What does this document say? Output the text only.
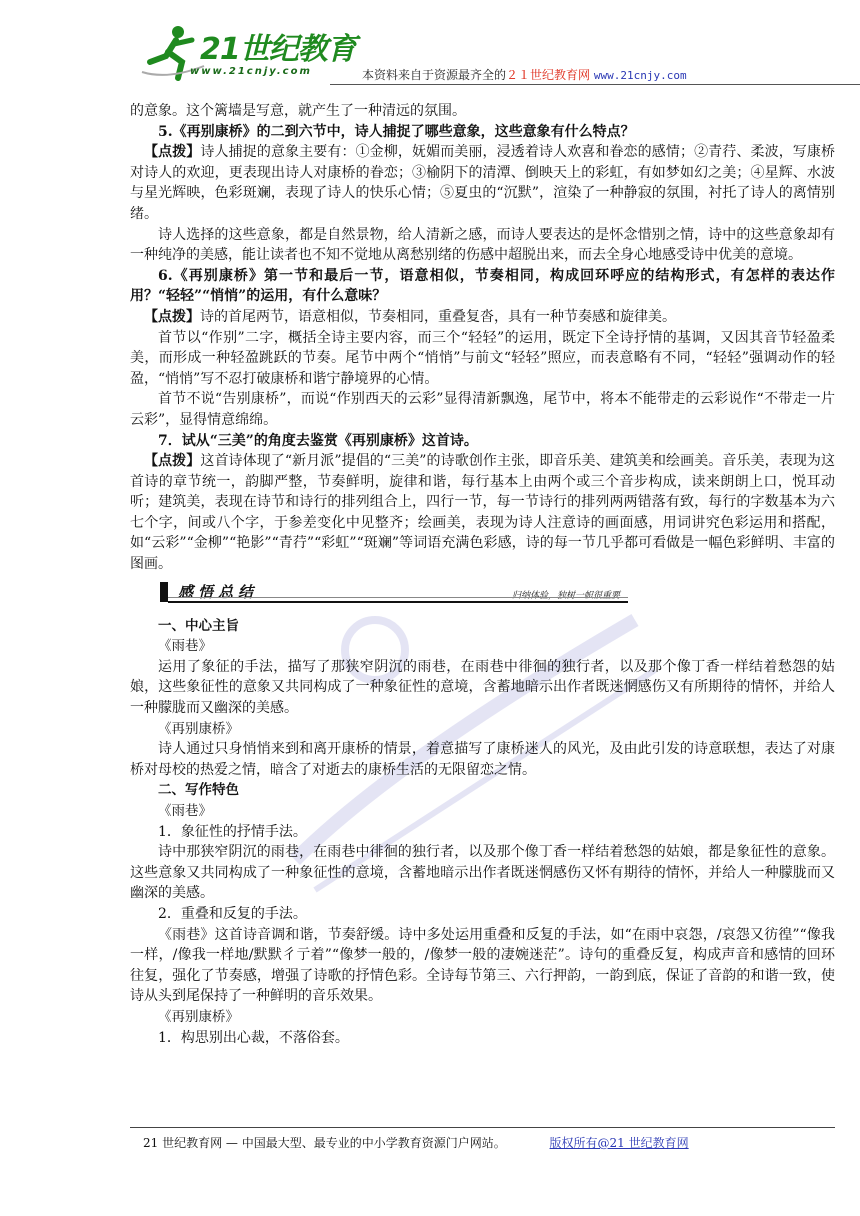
21世纪教育
www.21cnjy.com	本资料来自于资源最齐全的２１世纪教育网 www.21cnjy.com

的意象。这个篱墙是写意，就产生了一种清远的氛围。

5.《再别康桥》的二到六节中，诗人捕捉了哪些意象，这些意象有什么特点？

【点拨】诗人捕捉的意象主要有：①金柳，妩媚而美丽，浸透着诗人欢喜和眷恋的感情；②青荇、柔波，写康桥对诗人的欢迎，更表现出诗人对康桥的眷恋；③榆阴下的清潭、倒映天上的彩虹，有如梦如幻之美；④星辉、水波与星光辉映，色彩斑斓，表现了诗人的快乐心情；⑤夏虫的“沉默”，渲染了一种静寂的氛围，衬托了诗人的离情别绪。

诗人选择的这些意象，都是自然景物，给人清新之感，而诗人要表达的是怀念惜别之情，诗中的这些意象却有一种纯净的美感，能让读者也不知不觉地从离愁别绪的伤感中超脱出来，而去全身心地感受诗中优美的意境。

6.《再别康桥》第一节和最后一节，语意相似，节奏相同，构成回环呼应的结构形式，有怎样的表达作用？“轻轻”“悄悄”的运用，有什么意味？

【点拨】诗的首尾两节，语意相似，节奏相同，重叠复沓，具有一种节奏感和旋律美。

首节以“作别”二字，概括全诗主要内容，而三个“轻轻”的运用，既定下全诗抒情的基调，又因其音节轻盈柔美，而形成一种轻盈跳跃的节奏。尾节中两个“悄悄”与前文“轻轻”照应，而表意略有不同，“轻轻”强调动作的轻盈，“悄悄”写不忍打破康桥和谐宁静境界的心情。

首节不说“告别康桥”，而说“作别西天的云彩”显得清新飘逸，尾节中，将本不能带走的云彩说作“不带走一片云彩”，显得情意绵绵。

7．试从“三美”的角度去鉴赏《再别康桥》这首诗。

【点拨】这首诗体现了“新月派”提倡的“三美”的诗歌创作主张，即音乐美、建筑美和绘画美。音乐美，表现为这首诗的章节统一，韵脚严整，节奏鲜明，旋律和谐，每行基本上由两个或三个音步构成，读来朗朗上口，悦耳动听；建筑美，表现在诗节和诗行的排列组合上，四行一节，每一节诗行的排列两两错落有致，每行的字数基本为六七个字，间或八个字，于参差变化中见整齐；绘画美，表现为诗人注意诗的画面感，用词讲究色彩运用和搭配，如“云彩”“金柳”“艳影”“青荇”“彩虹”“斑斓”等词语充满色彩感，诗的每一节几乎都可看做是一幅色彩鲜明、丰富的图画。

感悟总结	归纳体验，独树一帜很重要

一、中心主旨

《雨巷》

运用了象征的手法，描写了那狭窄阴沉的雨巷，在雨巷中徘徊的独行者，以及那个像丁香一样结着愁怨的姑娘，这些象征性的意象又共同构成了一种象征性的意境，含蓄地暗示出作者既迷惘感伤又有所期待的情怀，并给人一种朦胧而又幽深的美感。

《再别康桥》

诗人通过只身悄悄来到和离开康桥的情景，着意描写了康桥迷人的风光，及由此引发的诗意联想，表达了对康桥对母校的热爱之情，暗含了对逝去的康桥生活的无限留恋之情。

二、写作特色

《雨巷》

1．象征性的抒情手法。

诗中那狭窄阴沉的雨巷，在雨巷中徘徊的独行者，以及那个像丁香一样结着愁怨的姑娘，都是象征性的意象。这些意象又共同构成了一种象征性的意境，含蓄地暗示出作者既迷惘感伤又怀有期待的情怀，并给人一种朦胧而又幽深的美感。

2．重叠和反复的手法。

《雨巷》这首诗音调和谐，节奏舒缓。诗中多处运用重叠和反复的手法，如“在雨中哀怨，/哀怨又彷徨”“像我一样，/像我一样地/默默彳亍着”“像梦一般的，/像梦一般的凄婉迷茫”。诗句的重叠反复，构成声音和感情的回环往复，强化了节奏感，增强了诗歌的抒情色彩。全诗每节第三、六行押韵，一韵到底，保证了音韵的和谐一致，使诗从头到尾保持了一种鲜明的音乐效果。

《再别康桥》

1．构思别出心裁，不落俗套。

21 世纪教育网 — 中国最大型、最专业的中小学教育资源门户网站。	版权所有@21 世纪教育网
